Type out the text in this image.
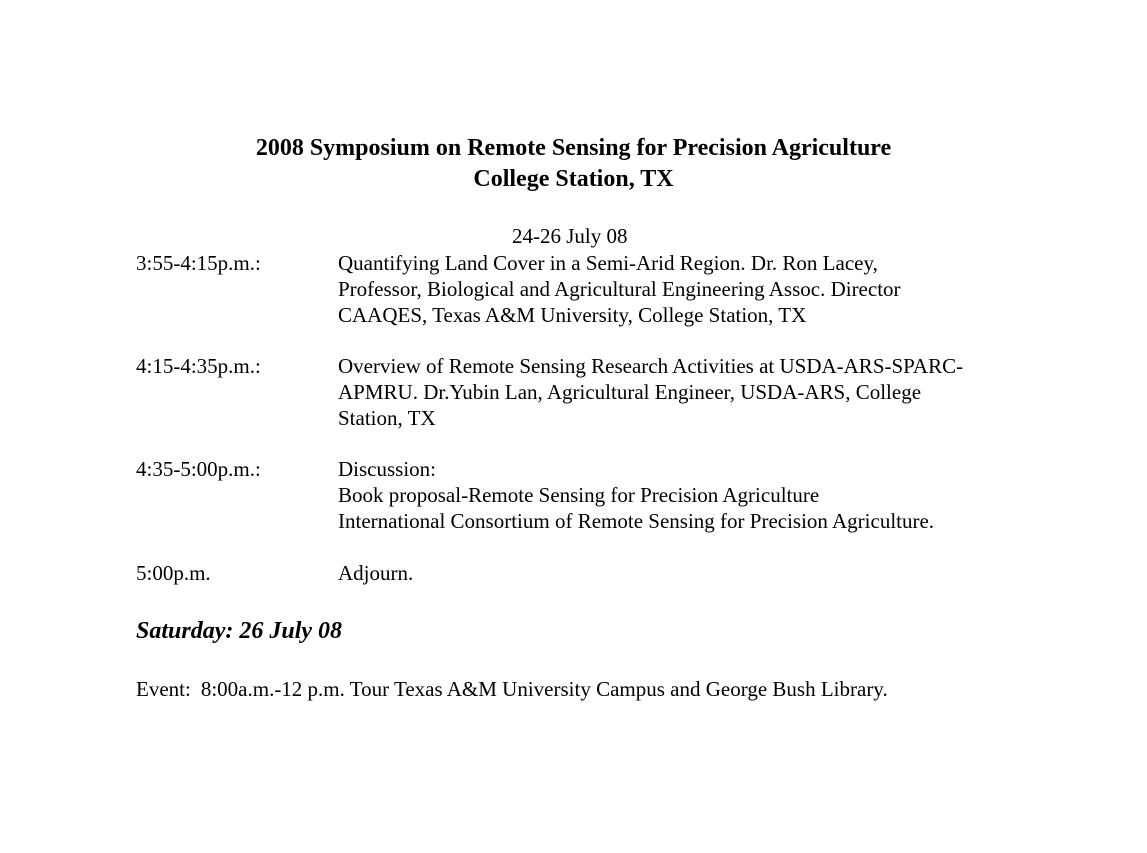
2008 Symposium on Remote Sensing for Precision Agriculture
College Station, TX
24-26 July 08
3:55-4:15p.m.:	Quantifying Land Cover in a Semi-Arid Region. Dr. Ron Lacey,
Professor, Biological and Agricultural Engineering Assoc. Director
CAAQES, Texas A&M University, College Station, TX
4:15-4:35p.m.:	Overview of Remote Sensing Research Activities at USDA-ARS-SPARC-
APMRU. Dr.Yubin Lan, Agricultural Engineer, USDA-ARS, College
Station, TX
4:35-5:00p.m.:	Discussion:
Book proposal-Remote Sensing for Precision Agriculture
International Consortium of Remote Sensing for Precision Agriculture.
5:00p.m.	Adjourn.
Saturday: 26 July 08
Event: 8:00a.m.-12 p.m. Tour Texas A&M University Campus and George Bush Library.
